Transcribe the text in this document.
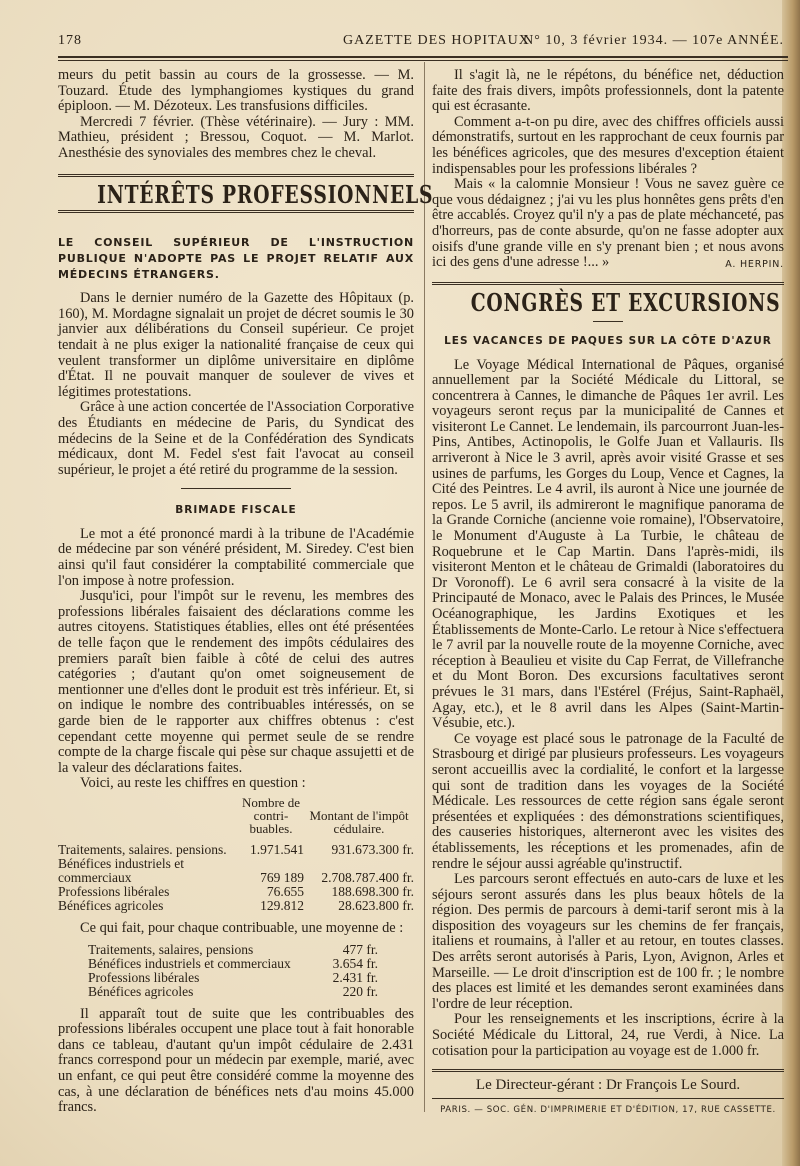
178	GAZETTE DES HOPITAUX
N° 10, 3 février 1934. — 107e ANNÉE.

meurs du petit bassin au cours de la grossesse. — M. Touzard. Étude des lymphangiomes kystiques du grand épiploon. — M. Dézoteux. Les transfusions difficiles.

Mercredi 7 février. (Thèse vétérinaire). — Jury : MM. Mathieu, président ; Bressou, Coquot. — M. Marlot. Anesthésie des synoviales des membres chez le cheval.

INTÉRÊTS PROFESSIONNELS
LE CONSEIL SUPÉRIEUR DE L'INSTRUCTION PUBLIQUE N'ADOPTE PAS LE PROJET RELATIF AUX MÉDECINS ÉTRANGERS.

Dans le dernier numéro de la Gazette des Hôpitaux (p. 160), M. Mordagne signalait un projet de décret soumis le 30 janvier aux délibérations du Conseil supérieur. Ce projet tendait à ne plus exiger la nationalité française de ceux qui veulent transformer un diplôme universitaire en diplôme d'État. Il ne pouvait manquer de soulever de vives et légitimes protestations.

Grâce à une action concertée de l'Association Corporative des Étudiants en médecine de Paris, du Syndicat des médecins de la Seine et de la Confédération des Syndicats médicaux, dont M. Fedel s'est fait l'avocat au conseil supérieur, le projet a été retiré du programme de la session.

BRIMADE FISCALE

Le mot a été prononcé mardi à la tribune de l'Académie de médecine par son vénéré président, M. Siredey. C'est bien ainsi qu'il faut considérer la comptabilité commerciale que l'on impose à notre profession.

Jusqu'ici, pour l'impôt sur le revenu, les membres des professions libérales faisaient des déclarations comme les autres citoyens. Statistiques établies, elles ont été présentées de telle façon que le rendement des impôts cédulaires des premiers paraît bien faible à côté de celui des autres catégories ; d'autant qu'on omet soigneusement de mentionner une d'elles dont le produit est très inférieur. Et, si on indique le nombre des contribuables intéressés, on se garde bien de le rapporter aux chiffres obtenus : c'est cependant cette moyenne qui permet seule de se rendre compte de la charge fiscale qui pèse sur chaque assujetti et de la valeur des déclarations faites.

Voici, au reste les chiffres en question :

	Nombre de contri-buables.	Montant de l'impôt cédulaire.

Traitements, salaires. pensions.	1.971.541	931.673.300 fr.
Bénéfices industriels et commerciaux	769 189	2.708.787.400 fr.
Professions libérales	76.655	188.698.300 fr.
Bénéfices agricoles	129.812	28.623.800 fr.

Ce qui fait, pour chaque contribuable, une moyenne de :

Traitements, salaires, pensions	477 fr.
Bénéfices industriels et commerciaux	3.654 fr.
Professions libérales	2.431 fr.
Bénéfices agricoles	220 fr.

Il apparaît tout de suite que les contribuables des professions libérales occupent une place tout à fait honorable dans ce tableau, d'autant qu'un impôt cédulaire de 2.431 francs correspond pour un médecin par exemple, marié, avec un enfant, ce qui peut être considéré comme la moyenne des cas, à une déclaration de bénéfices nets d'au moins 45.000 francs.

Il s'agit là, ne le répétons, du bénéfice net, déduction faite des frais divers, impôts professionnels, dont la patente qui est écrasante.

Comment a-t-on pu dire, avec des chiffres officiels aussi démonstratifs, surtout en les rapprochant de ceux fournis par les bénéfices agricoles, que des mesures d'exception étaient indispensables pour les professions libérales ?

Mais « la calomnie Monsieur ! Vous ne savez guère ce que vous dédaignez ; j'ai vu les plus honnêtes gens prêts d'en être accablés. Croyez qu'il n'y a pas de plate méchanceté, pas d'horreurs, pas de conte absurde, qu'on ne fasse adopter aux oisifs d'une grande ville en s'y prenant bien ; et nous avons ici des gens d'une adresse !... »	A. HERPIN.
CONGRÈS ET EXCURSIONS
LES VACANCES DE PAQUES SUR LA CÔTE D'AZUR

Le Voyage Médical International de Pâques, organisé annuellement par la Société Médicale du Littoral, se concentrera à Cannes, le dimanche de Pâques 1er avril. Les voyageurs seront reçus par la municipalité de Cannes et visiteront Le Cannet. Le lendemain, ils parcourront Juan-les-Pins, Antibes, Actinopolis, le Golfe Juan et Vallauris. Ils arriveront à Nice le 3 avril, après avoir visité Grasse et ses usines de parfums, les Gorges du Loup, Vence et Cagnes, la Cité des Peintres. Le 4 avril, ils auront à Nice une journée de repos. Le 5 avril, ils admireront le magnifique panorama de la Grande Corniche (ancienne voie romaine), l'Observatoire, le Monument d'Auguste à La Turbie, le château de Roquebrune et le Cap Martin. Dans l'après-midi, ils visiteront Menton et le château de Grimaldi (laboratoires du Dr Voronoff). Le 6 avril sera consacré à la visite de la Principauté de Monaco, avec le Palais des Princes, le Musée Océanographique, les Jardins Exotiques et les Établissements de Monte-Carlo. Le retour à Nice s'effectuera le 7 avril par la nouvelle route de la moyenne Corniche, avec réception à Beaulieu et visite du Cap Ferrat, de Villefranche et du Mont Boron. Des excursions facultatives seront prévues le 31 mars, dans l'Estérel (Fréjus, Saint-Raphaël, Agay, etc.), et le 8 avril dans les Alpes (Saint-Martin-Vésubie, etc.).

Ce voyage est placé sous le patronage de la Faculté de Strasbourg et dirigé par plusieurs professeurs. Les voyageurs seront accueillis avec la cordialité, le confort et la largesse qui sont de tradition dans les voyages de la Société Médicale. Les ressources de cette région sans égale seront présentées et expliquées : des démonstrations scientifiques, des causeries historiques, alterneront avec les visites des établissements, les réceptions et les promenades, afin de rendre le séjour aussi agréable qu'instructif.

Les parcours seront effectués en auto-cars de luxe et les séjours seront assurés dans les plus beaux hôtels de la région. Des permis de parcours à demi-tarif seront mis à la disposition des voyageurs sur les chemins de fer français, italiens et roumains, à l'aller et au retour, en toutes classes. Des arrêts seront autorisés à Paris, Lyon, Avignon, Arles et Marseille. — Le droit d'inscription est de 100 fr. ; le nombre des places est limité et les demandes seront examinées dans l'ordre de leur réception.

Pour les renseignements et les inscriptions, écrire à la Société Médicale du Littoral, 24, rue Verdi, à Nice. La cotisation pour la participation au voyage est de 1.000 fr.

Le Directeur-gérant : Dr François Le Sourd.
PARIS. — SOC. GÉN. D'IMPRIMERIE ET D'ÉDITION, 17, RUE CASSETTE.
